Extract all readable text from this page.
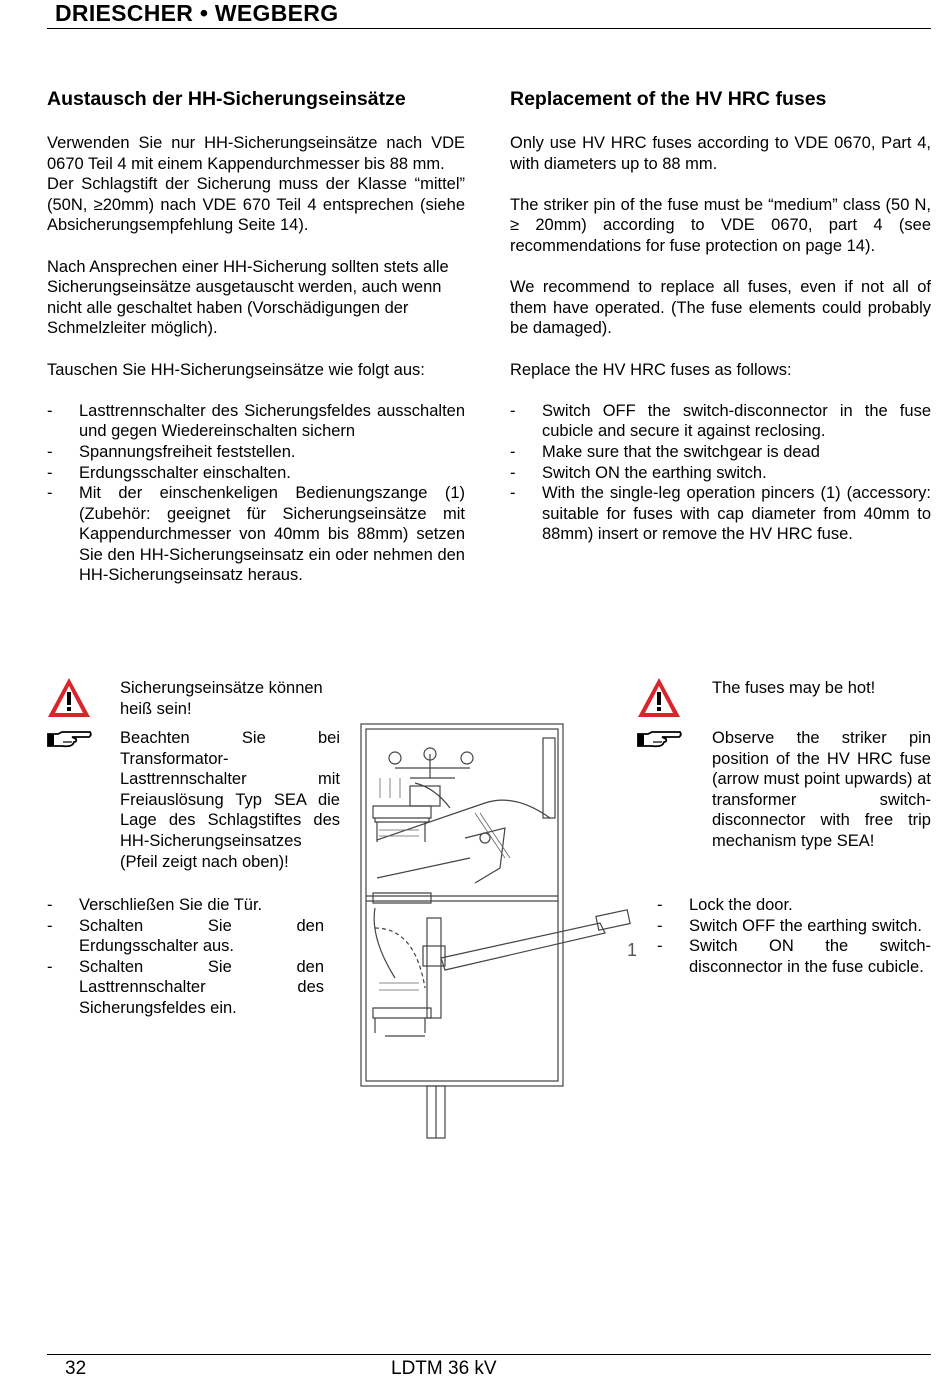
DRIESCHER • WEGBERG
Austausch der HH-Sicherungseinsätze

Verwenden Sie nur HH-Sicherungseinsätze nach VDE 0670 Teil 4 mit einem Kappendurchmesser bis 88 mm.

Der Schlagstift der Sicherung muss der Klasse “mittel” (50N, ≥20mm) nach VDE 670 Teil 4 entsprechen (siehe Absicherungsempfehlung Seite 14).

Nach Ansprechen einer HH-Sicherung sollten stets alle Sicherungseinsätze ausgetauscht werden, auch wenn nicht alle geschaltet haben (Vorschädigungen der Schmelzleiter möglich).

Tauschen Sie HH-Sicherungseinsätze wie folgt aus:

- Lasttrennschalter des Sicherungsfeldes ausschalten und gegen Wiedereinschalten sichern
- Spannungsfreiheit feststellen.
- Erdungsschalter einschalten.
- Mit der einschenkeligen Bedienungszange (1) (Zubehör: geeignet für Sicherungseinsätze mit Kappendurchmesser von 40mm bis 88mm) setzen Sie den HH-Sicherungseinsatz ein oder nehmen den HH-Sicherungseinsatz heraus.
Replacement of the HV HRC fuses

Only use HV HRC fuses according to VDE 0670, Part 4, with diameters up to 88 mm.

The striker pin of the fuse must be “medium” class (50 N, ≥ 20mm) according to VDE 0670, part 4 (see recommendations for fuse protection on page 14).

We recommend to replace all fuses, even if not all of them have operated. (The fuse elements could probably be damaged).

Replace the HV HRC fuses as follows:

- Switch OFF the switch-disconnector in the fuse cubicle and secure it against reclosing.
- Make sure that the switchgear is dead
- Switch ON the earthing switch.
- With the single-leg operation pincers (1) (accessory: suitable for fuses with cap diameter from 40mm to 88mm) insert or remove the HV HRC fuse.
Sicherungseinsätze können heiß sein!
Beachten Sie bei Transformator-Lasttrennschalter mit Freiauslösung Typ SEA die Lage des Schlagstiftes des HH-Sicherungseinsatzes (Pfeil zeigt nach oben)!
- Verschließen Sie die Tür.
- Schalten Sie den Erdungsschalter aus.
- Schalten Sie den Lasttrennschalter des Sicherungsfeldes ein.
The fuses may be hot!
Observe the striker pin position of the HV HRC fuse (arrow must point upwards) at transformer switch-disconnector with free trip mechanism type SEA!
- Lock the door.
- Switch OFF the earthing switch.
- Switch ON the switch-disconnector in the fuse cubicle.
1
32	LDTM 36 kV
